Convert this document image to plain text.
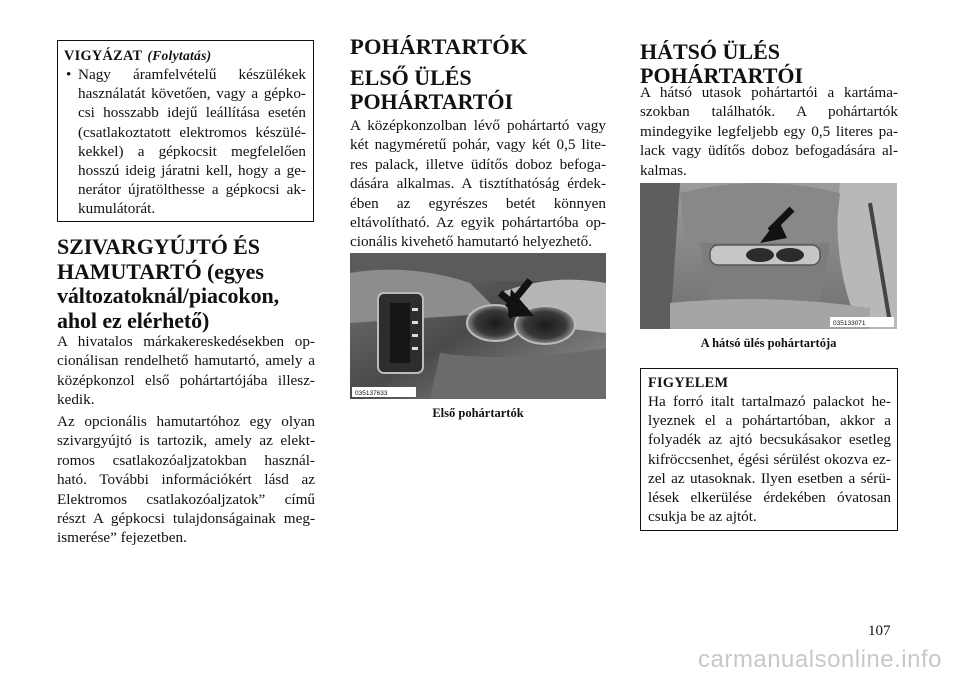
VIGYÁZAT (Folytatás)
• Nagy áramfelvételű készülékek használatát követően, vagy a gépko-csi hosszabb idejű leállítása esetén (csatlakoztatott elektromos készülé-kekkel) a gépkocsit megfelelően hosszú ideig járatni kell, hogy a ge-nerátor újratölthesse a gépkocsi ak-kumulátorát.

SZIVARGYÚJTÓ ÉS HAMUTARTÓ (egyes változatoknál/piacokon, ahol ez elérhető)

A hivatalos márkakereskedésekben op-cionálisan rendelhető hamutartó, amely a középkonzol első pohártartójába illesz-kedik.

Az opcionális hamutartóhoz egy olyan szivargyújtó is tartozik, amely az elekt-romos csatlakozóaljzatokban használ-ható. További információkért lásd az Elektromos csatlakozóaljzatok” című részt A gépkocsi tulajdonságainak meg-ismerése” fejezetben.

POHÁRTARTÓK
ELSŐ ÜLÉS POHÁRTARTÓI

A középkonzolban lévő pohártartó vagy két nagyméretű pohár, vagy két 0,5 lite-res palack, illetve üdítős doboz befoga-dására alkalmas. A tisztíthatóság érdek-ében az egyrészes betét könnyen eltávolítható. Az egyik pohártartóba op-cionális kivehető hamutartó helyezhető.

035137633
Első pohártartók
HÁTSÓ ÜLÉS POHÁRTARTÓI

A hátsó utasok pohártartói a kartáma-szokban találhatók. A pohártartók mindegyike legfeljebb egy 0,5 literes pa-lack vagy üdítős doboz befogadására al-kalmas.

035133071
A hátsó ülés pohártartója
FIGYELEM

Ha forró italt tartalmazó palackot he-lyeznek el a pohártartóban, akkor a folyadék az ajtó becsukásakor esetleg kifröccsenhet, égési sérülést okozva ez-zel az utasoknak. Ilyen esetben a sérü-lések elkerülése érdekében óvatosan csukja be az ajtót.

107
carmanualsonline.info
